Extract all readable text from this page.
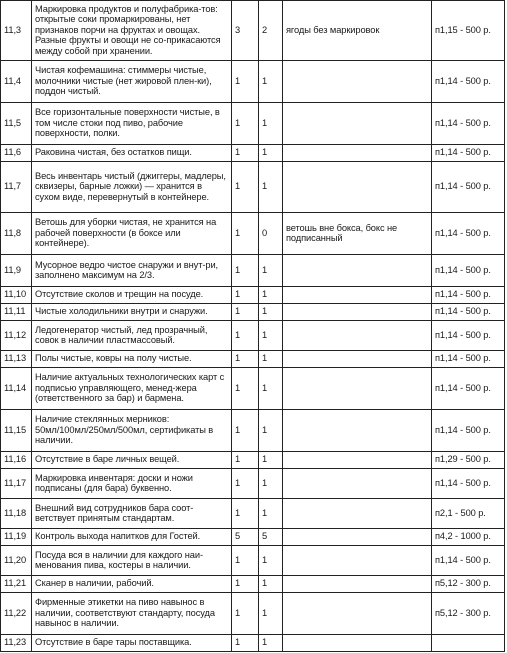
11,3	Маркировка продуктов и полуфабрика-тов: открытые соки промаркированы, нет признаков порчи на фруктах и овощах. Разные фрукты и овощи не со-прикасаются между собой при хранении.	3	2	ягоды без маркировок	п1,15 - 500 р.
11,4	Чистая кофемашина: стиммеры чистые, молочники чистые (нет жировой плен-ки), поддон чистый.	1	1		п1,14 - 500 р.
11,5	Все горизонтальные поверхности чистые, в том числе стоки под пиво, рабочие поверхности, полки.	1	1		п1,14 - 500 р.
11,6	Раковина чистая, без остатков пищи.	1	1		п1,14 - 500 р.
11,7	Весь инвентарь чистый (джиггеры, мадлеры, сквизеры, барные ложки) — хранится в сухом виде, перевернутый в контейнере.	1	1		п1,14 - 500 р.
11,8	Ветошь для уборки чистая, не хранится на рабочей поверхности (в боксе или контейнере).	1	0	ветошь вне бокса, бокс не подписанный	п1,14 - 500 р.
11,9	Мусорное ведро чистое снаружи и внут-ри, заполнено максимум на 2/3.	1	1		п1,14 - 500 р.
11,10	Отсутствие сколов и трещин на посуде.	1	1		п1,14 - 500 р.
11,11	Чистые холодильники внутри и снаружи.	1	1		п1,14 - 500 р.
11,12	Ледогенератор чистый, лед прозрачный, совок в наличии пластмассовый.	1	1		п1,14 - 500 р.
11,13	Полы чистые, ковры на полу чистые.	1	1		п1,14 - 500 р.
11,14	Наличие актуальных технологических карт с подписью управляющего, менед-жера (ответственного за бар) и бармена.	1	1		п1,14 - 500 р.
11,15	Наличие стеклянных мерников: 50мл/100мл/250мл/500мл, сертификаты в наличии.	1	1		п1,14 - 500 р.
11,16	Отсутствие в баре личных вещей.	1	1		п1,29 - 500 р.
11,17	Маркировка инвентаря: доски и ножи подписаны (для бара) буквенно.	1	1		п1,14 - 500 р.
11,18	Внешний вид сотрудников бара соот-ветствует принятым стандартам.	1	1		п2,1 - 500 р.
11,19	Контроль выхода напитков для Гостей.	5	5		п4,2 - 1000 р.
11,20	Посуда вся в наличии для каждого наи-менования пива, костеры в наличии.	1	1		п1,14 - 500 р.
11,21	Сканер в наличии, рабочий.	1	1		п5,12 - 300 р.
11,22	Фирменные этикетки на пиво навынос в наличии, соответствуют стандарту, посуда навынос в наличии.	1	1		п5,12 - 300 р.
11,23	Отсутствие в баре тары поставщика.	1	1		
